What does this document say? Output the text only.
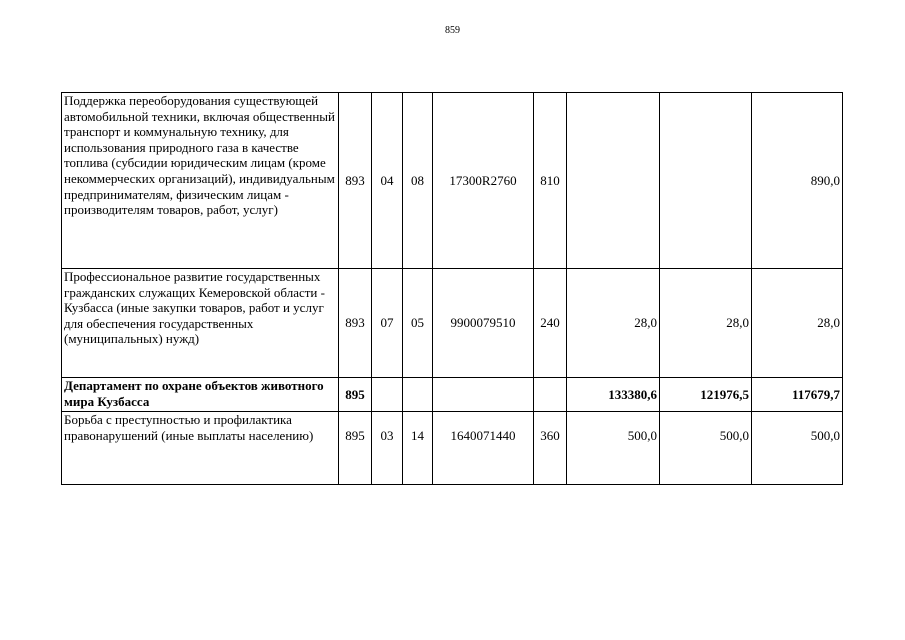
859
Поддержка переоборудования существующей автомобильной техники, включая общественный транспорт и коммунальную технику, для использования природного газа в качестве топлива (субсидии юридическим лицам (кроме некоммерческих организаций), индивидуальным предпринимателям, физическим лицам - производителям товаров, работ, услуг)	893	04	08	17300R2760	810			890,0
Профессиональное развитие государственных гражданских служащих Кемеровской области - Кузбасса (иные закупки товаров, работ и услуг для обеспечения государственных (муниципальных) нужд)	893	07	05	9900079510	240	28,0	28,0	28,0
Департамент по охране объектов животного мира Кузбасса	895					133380,6	121976,5	117679,7
Борьба с преступностью и профилактика правонарушений (иные выплаты населению)	895	03	14	1640071440	360	500,0	500,0	500,0
